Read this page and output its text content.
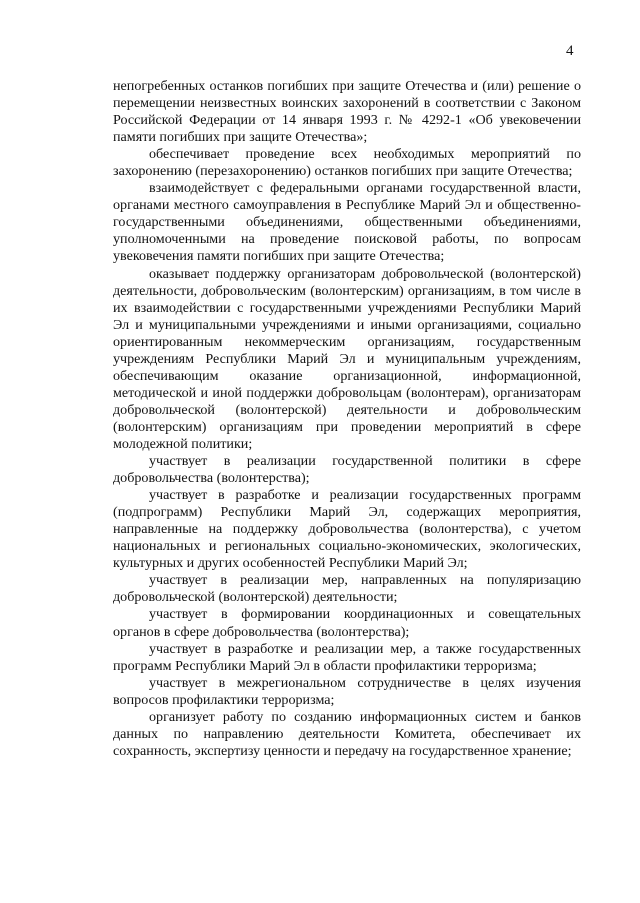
4

непогребенных останков погибших при защите Отечества и (или) решение о перемещении неизвестных воинских захоронений в соответствии с Законом Российской Федерации от 14 января 1993 г. № 4292-1 «Об увековечении памяти погибших при защите Отечества»;

обеспечивает проведение всех необходимых мероприятий по захоронению (перезахоронению) останков погибших при защите Отечества;

взаимодействует с федеральными органами государственной власти, органами местного самоуправления в Республике Марий Эл и общественно-государственными объединениями, общественными объединениями, уполномоченными на проведение поисковой работы, по вопросам увековечения памяти погибших при защите Отечества;

оказывает поддержку организаторам добровольческой (волонтерской) деятельности, добровольческим (волонтерским) организациям, в том числе в их взаимодействии с государственными учреждениями Республики Марий Эл и муниципальными учреждениями и иными организациями, социально ориентированным некоммерческим организациям, государственным учреждениям Республики Марий Эл и муниципальным учреждениям, обеспечивающим оказание организационной, информационной, методической и иной поддержки добровольцам (волонтерам), организаторам добровольческой (волонтерской) деятельности и добровольческим (волонтерским) организациям при проведении мероприятий в сфере молодежной политики;

участвует в реализации государственной политики в сфере добровольчества (волонтерства);

участвует в разработке и реализации государственных программ (подпрограмм) Республики Марий Эл, содержащих мероприятия, направленные на поддержку добровольчества (волонтерства), с учетом национальных и региональных социально-экономических, экологических, культурных и других особенностей Республики Марий Эл;

участвует в реализации мер, направленных на популяризацию добровольческой (волонтерской) деятельности;

участвует в формировании координационных и совещательных органов в сфере добровольчества (волонтерства);

участвует в разработке и реализации мер, а также государственных программ Республики Марий Эл в области профилактики терроризма;

участвует в межрегиональном сотрудничестве в целях изучения вопросов профилактики терроризма;

организует работу по созданию информационных систем и банков данных по направлению деятельности Комитета, обеспечивает их сохранность, экспертизу ценности и передачу на государственное хранение;
